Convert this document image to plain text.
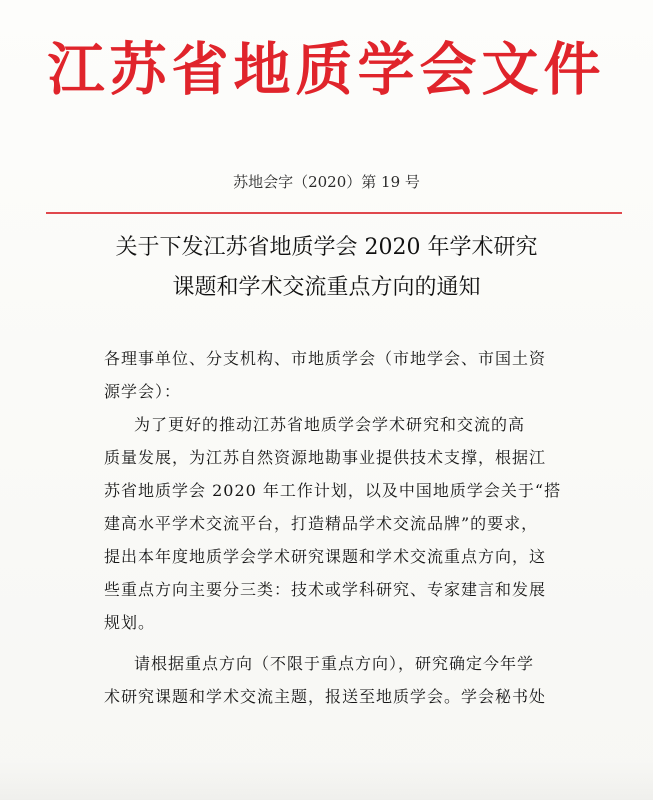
江苏省地质学会文件
苏地会字（2020）第 19 号
关于下发江苏省地质学会 2020 年学术研究
课题和学术交流重点方向的通知
各理事单位、分支机构、市地质学会（市地学会、市国土资
源学会）：
为了更好的推动江苏省地质学会学术研究和交流的高
质量发展，为江苏自然资源地勘事业提供技术支撑，根据江
苏省地质学会 2020 年工作计划，以及中国地质学会关于“搭
建高水平学术交流平台，打造精品学术交流品牌”的要求，
提出本年度地质学会学术研究课题和学术交流重点方向，这
些重点方向主要分三类：技术或学科研究、专家建言和发展
规划。
请根据重点方向（不限于重点方向），研究确定今年学
术研究课题和学术交流主题，报送至地质学会。学会秘书处
